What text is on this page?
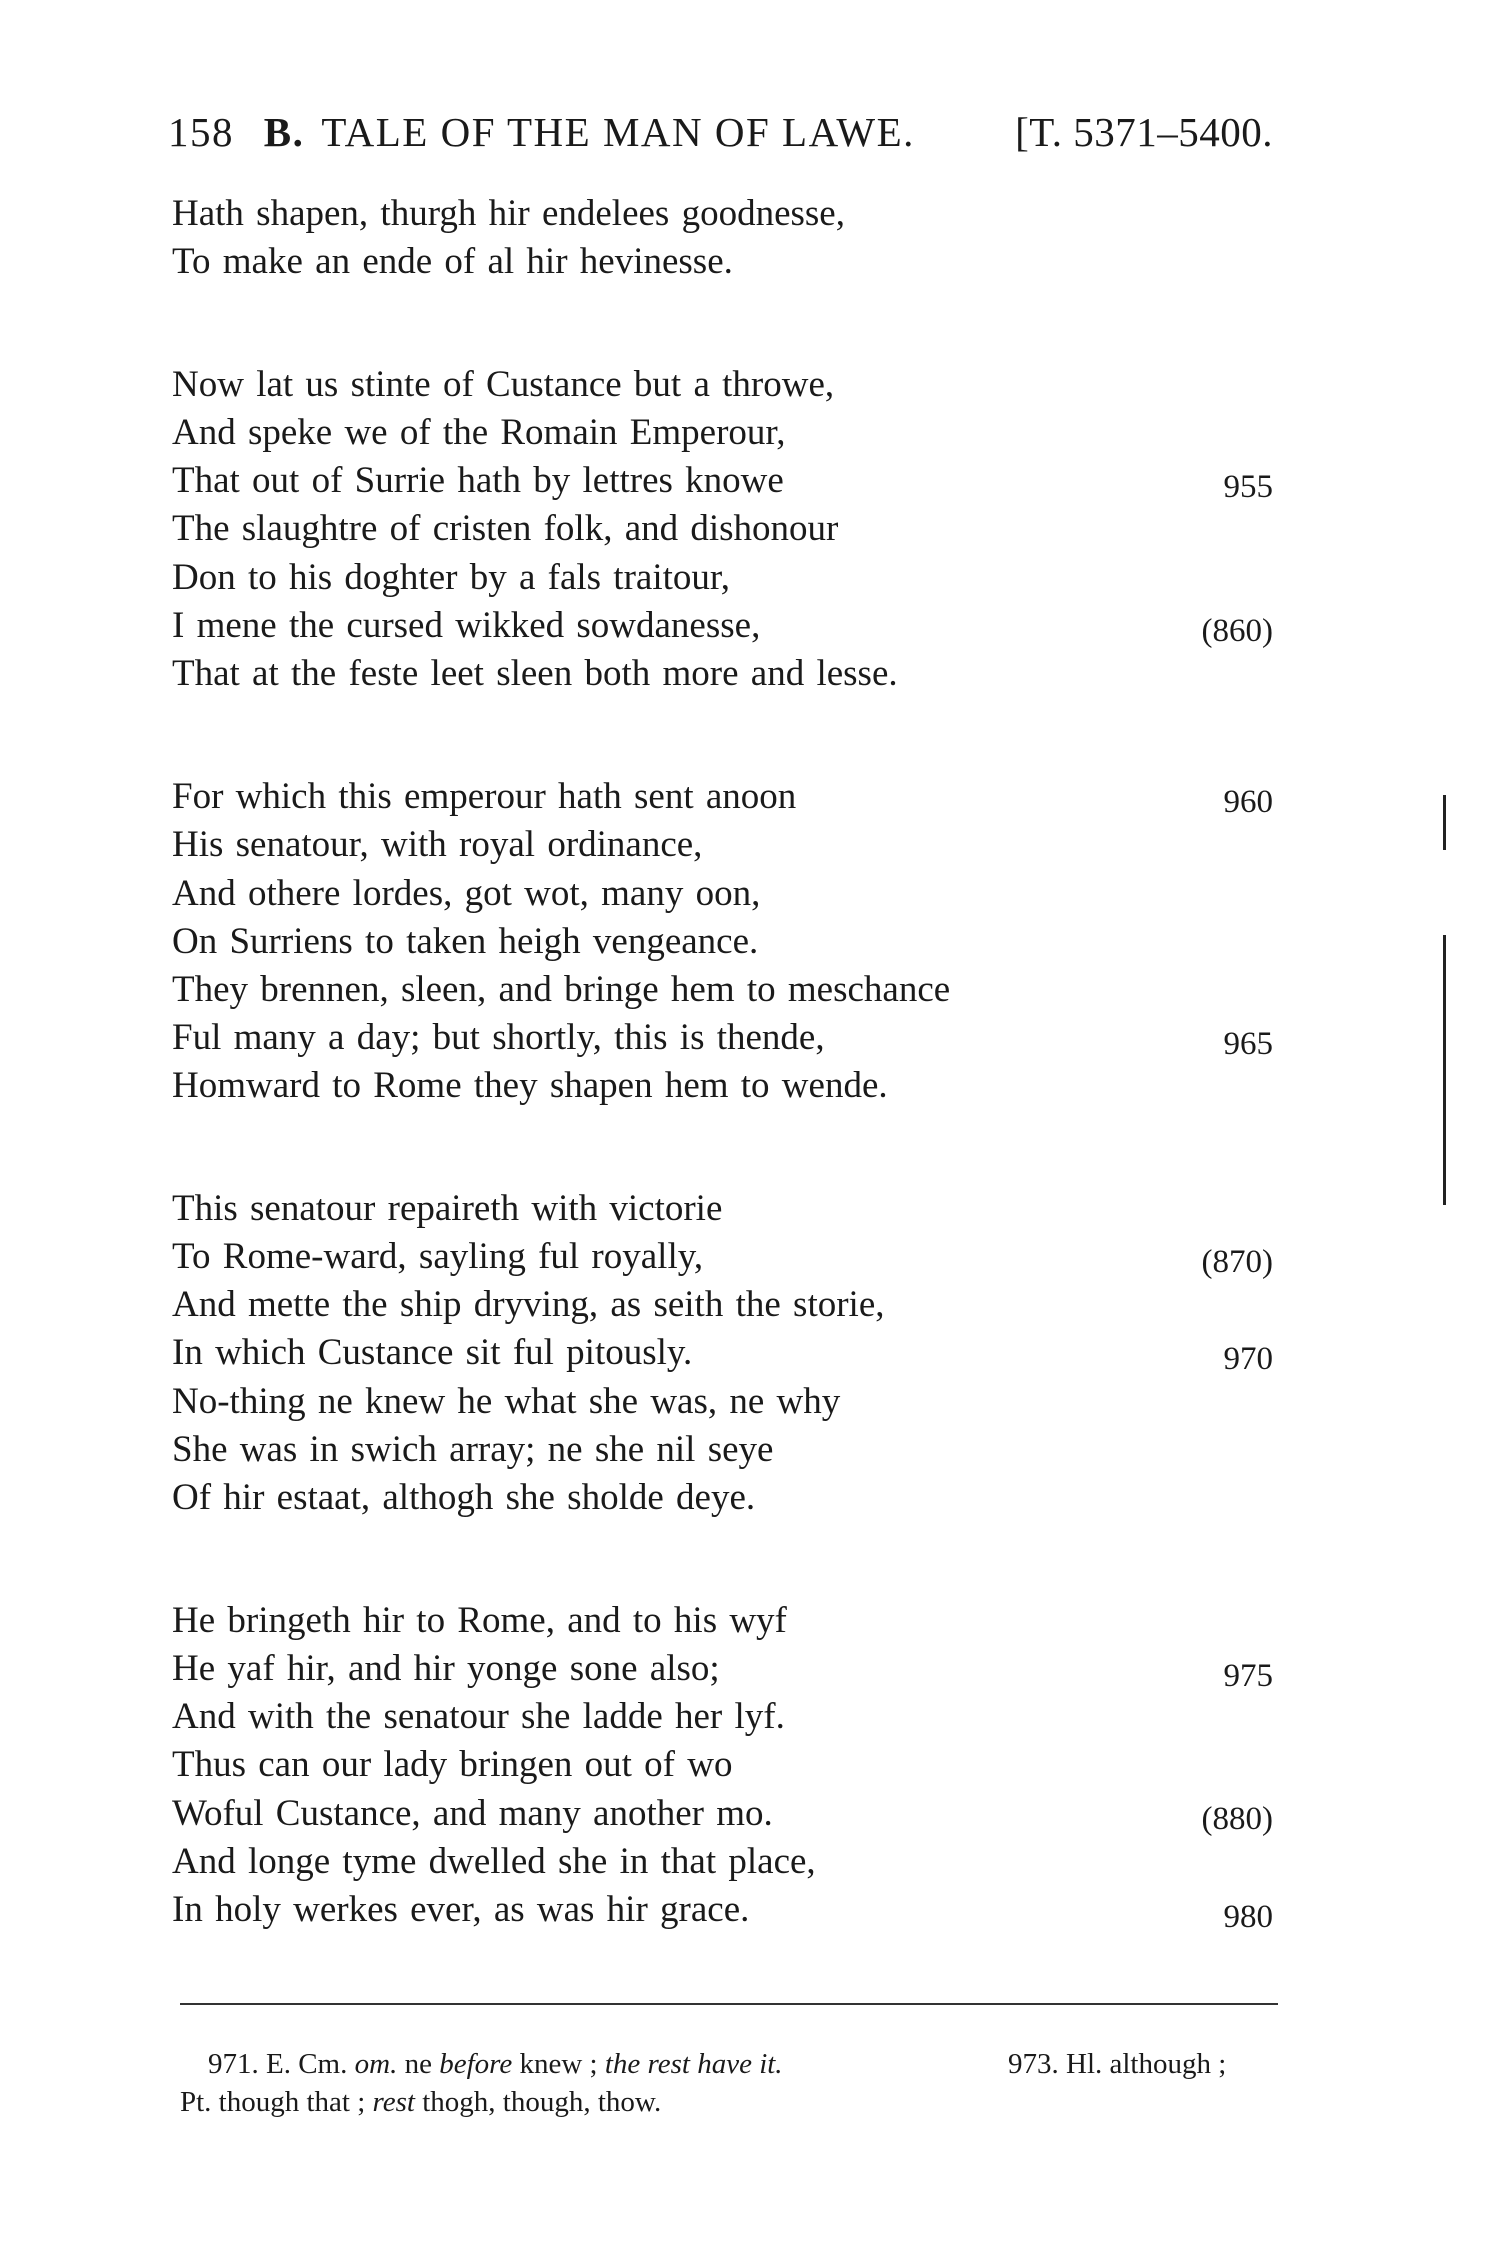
158 B. TALE OF THE MAN OF LAWE. [T. 5371–5400.
Hath shapen, thurgh hir endelees goodnesse,
To make an ende of al hir hevinesse.
Now lat us stinte of Custance but a throwe,
And speke we of the Romain Emperour,
That out of Surrie hath by lettres knowe
The slaughtre of cristen folk, and dishonour
Don to his doghter by a fals traitour,
I mene the cursed wikked sowdanesse,
That at the feste leet sleen both more and lesse.
For which this emperour hath sent anoon
His senatour, with royal ordinance,
And othere lordes, got wot, many oon,
On Surriens to taken heigh vengeance.
They brennen, sleen, and bringe hem to meschance
Ful many a day; but shortly, this is thende,
Homward to Rome they shapen hem to wende.
This senatour repaireth with victorie
To Rome-ward, sayling ful royally,
And mette the ship dryving, as seith the storie,
In which Custance sit ful pitously.
No-thing ne knew he what she was, ne why
She was in swich array; ne she nil seye
Of hir estaat, althogh she sholde deye.
He bringeth hir to Rome, and to his wyf
He yaf hir, and hir yonge sone also;
And with the senatour she ladde her lyf.
Thus can our lady bringen out of wo
Woful Custance, and many another mo.
And longe tyme dwelled she in that place,
In holy werkes ever, as was hir grace.
955
(860)
960
965
(870)
970
975
(880)
980
971. E. Cm. om. ne before knew ; the rest have it.
Pt. though that ; rest thogh, though, thow.
973. Hl. although ;
